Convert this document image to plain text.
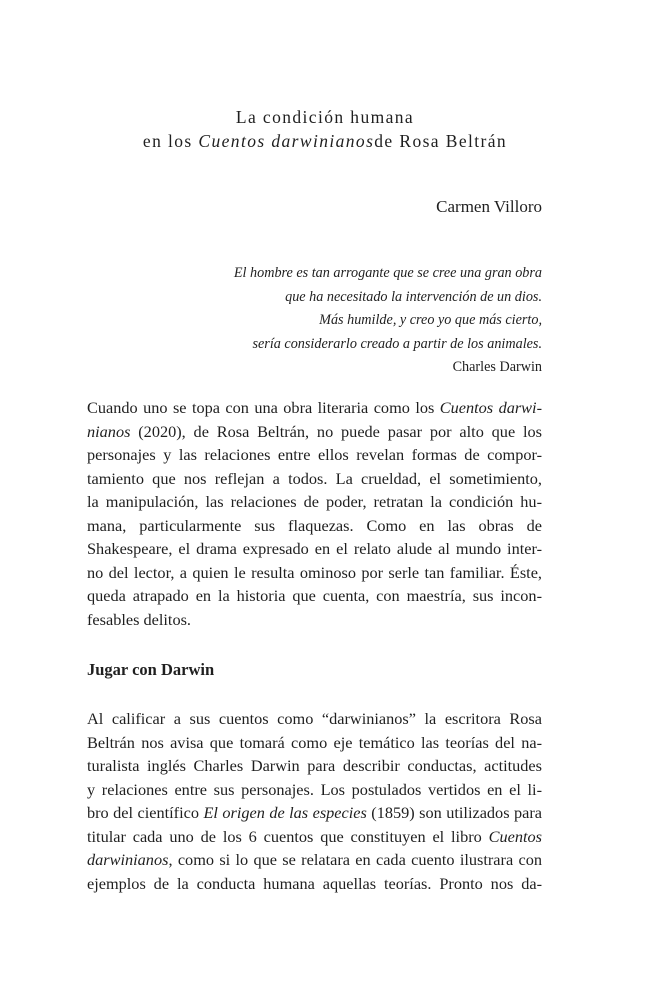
La condición humana
en los Cuentos darwinianosde Rosa Beltrán
Carmen Villoro
El hombre es tan arrogante que se cree una gran obra
que ha necesitado la intervención de un dios.
Más humilde, y creo yo que más cierto,
sería considerarlo creado a partir de los animales.
Charles Darwin
Cuando uno se topa con una obra literaria como los Cuentos darwi-
nianos (2020), de Rosa Beltrán, no puede pasar por alto que los
personajes y las relaciones entre ellos revelan formas de compor-
tamiento que nos reflejan a todos. La crueldad, el sometimiento,
la manipulación, las relaciones de poder, retratan la condición hu-
mana, particularmente sus flaquezas. Como en las obras de
Shakespeare, el drama expresado en el relato alude al mundo inter-
no del lector, a quien le resulta ominoso por serle tan familiar. Éste,
queda atrapado en la historia que cuenta, con maestría, sus incon-
fesables delitos.
Jugar con Darwin
Al calificar a sus cuentos como “darwinianos” la escritora Rosa
Beltrán nos avisa que tomará como eje temático las teorías del na-
turalista inglés Charles Darwin para describir conductas, actitudes
y relaciones entre sus personajes. Los postulados vertidos en el li-
bro del científico El origen de las especies (1859) son utilizados para
titular cada uno de los 6 cuentos que constituyen el libro Cuentos
darwinianos, como si lo que se relatara en cada cuento ilustrara con
ejemplos de la conducta humana aquellas teorías. Pronto nos da-
